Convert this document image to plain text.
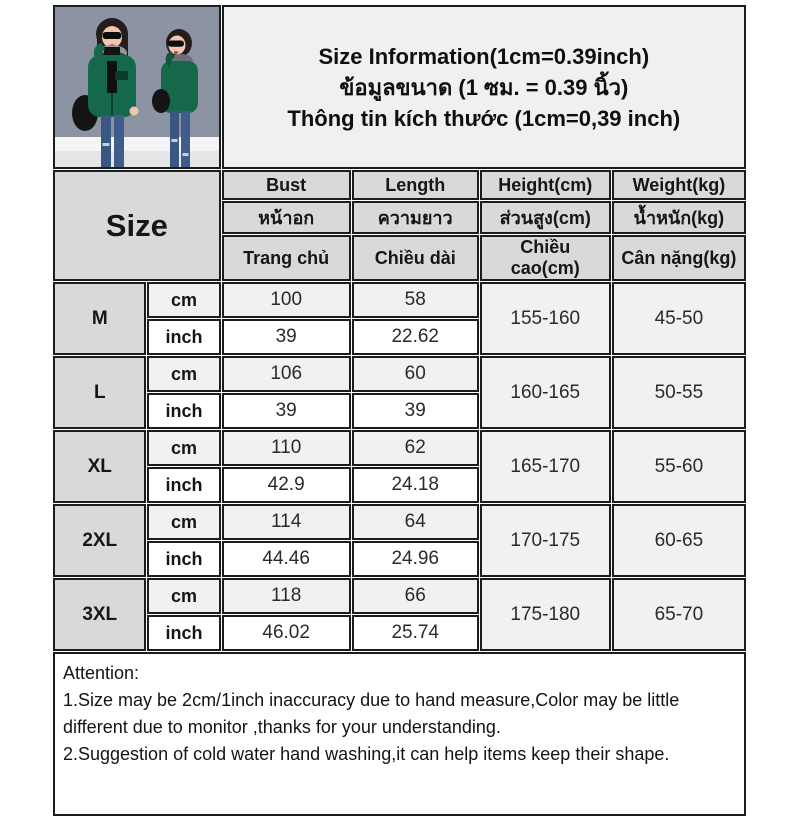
Size Information(1cm=0.39inch)
ข้อมูลขนาด (1 ซม. = 0.39 นิ้ว)
Thông tin kích thước (1cm=0,39 inch)			

Size		Bust	Length	Height(cm)	Weight(kg)
		หน้าอก	ความยาว	ส่วนสูง(cm)	น้ำหนัก(kg)
		Trang chủ	Chiều dài	Chiều cao(cm)	Cân nặng(kg)
M	cm	100	58	155-160	45-50
	inch	39	22.62		
L	cm	106	60	160-165	50-55
	inch	39	39		
XL	cm	110	62	165-170	55-60
	inch	42.9	24.18		
2XL	cm	114	64	170-175	60-65
	inch	44.46	24.96		
3XL	cm	118	66	175-180	65-70
	inch	46.02	25.74		

Attention:
1.Size may be 2cm/1inch inaccuracy due to hand measure,Color may be little different due to monitor ,thanks for your understanding.
2.Suggestion of cold water hand washing,it can help items keep their shape.					
